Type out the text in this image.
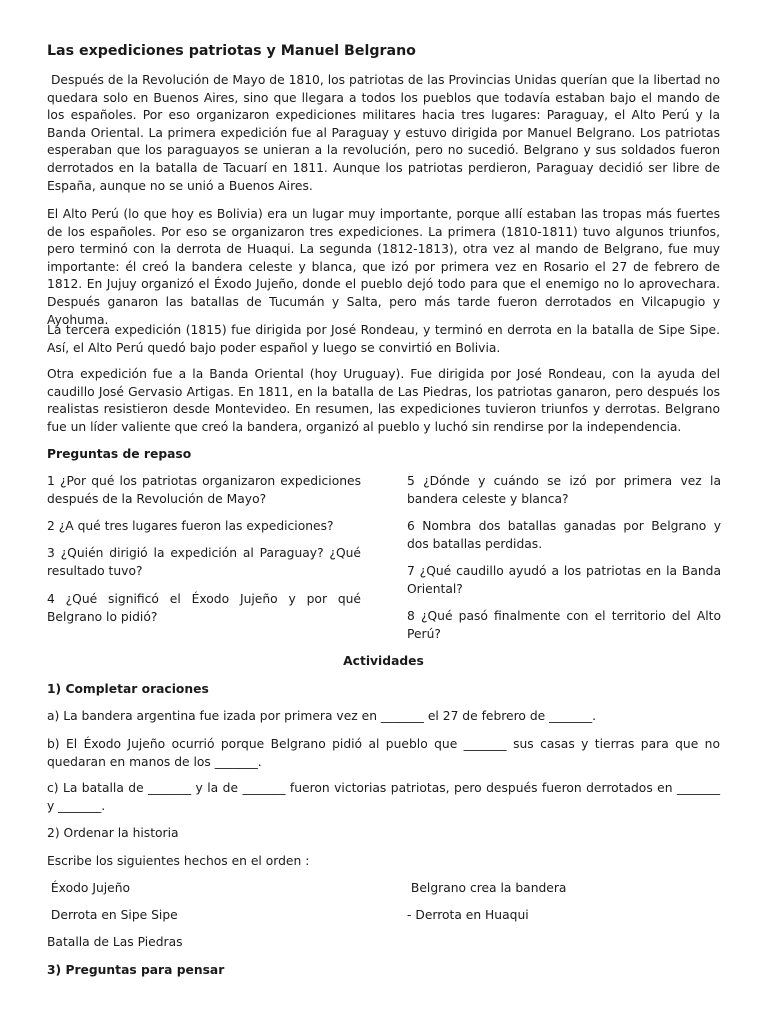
Las expediciones patriotas y Manuel Belgrano

Después de la Revolución de Mayo de 1810, los patriotas de las Provincias Unidas querían que la libertad no quedara solo en Buenos Aires, sino que llegara a todos los pueblos que todavía estaban bajo el mando de los españoles. Por eso organizaron expediciones militares hacia tres lugares: Paraguay, el Alto Perú y la Banda Oriental. La primera expedición fue al Paraguay y estuvo dirigida por Manuel Belgrano. Los patriotas esperaban que los paraguayos se unieran a la revolución, pero no sucedió. Belgrano y sus soldados fueron derrotados en la batalla de Tacuarí en 1811. Aunque los patriotas perdieron, Paraguay decidió ser libre de España, aunque no se unió a Buenos Aires.

El Alto Perú (lo que hoy es Bolivia) era un lugar muy importante, porque allí estaban las tropas más fuertes de los españoles. Por eso se organizaron tres expediciones. La primera (1810-1811) tuvo algunos triunfos, pero terminó con la derrota de Huaqui. La segunda (1812-1813), otra vez al mando de Belgrano, fue muy importante: él creó la bandera celeste y blanca, que izó por primera vez en Rosario el 27 de febrero de 1812. En Jujuy organizó el Éxodo Jujeño, donde el pueblo dejó todo para que el enemigo no lo aprovechara. Después ganaron las batallas de Tucumán y Salta, pero más tarde fueron derrotados en Vilcapugio y Ayohuma.

La tercera expedición (1815) fue dirigida por José Rondeau, y terminó en derrota en la batalla de Sipe Sipe. Así, el Alto Perú quedó bajo poder español y luego se convirtió en Bolivia.

Otra expedición fue a la Banda Oriental (hoy Uruguay). Fue dirigida por José Rondeau, con la ayuda del caudillo José Gervasio Artigas. En 1811, en la batalla de Las Piedras, los patriotas ganaron, pero después los realistas resistieron desde Montevideo. En resumen, las expediciones tuvieron triunfos y derrotas. Belgrano fue un líder valiente que creó la bandera, organizó al pueblo y luchó sin rendirse por la independencia.

Preguntas de repaso

1 ¿Por qué los patriotas organizaron expediciones después de la Revolución de Mayo?

2 ¿A qué tres lugares fueron las expediciones?

3 ¿Quién dirigió la expedición al Paraguay? ¿Qué resultado tuvo?

4 ¿Qué significó el Éxodo Jujeño y por qué Belgrano lo pidió?

5 ¿Dónde y cuándo se izó por primera vez la bandera celeste y blanca?

6 Nombra dos batallas ganadas por Belgrano y dos batallas perdidas.

7 ¿Qué caudillo ayudó a los patriotas en la Banda Oriental?

8 ¿Qué pasó finalmente con el territorio del Alto Perú?

Actividades

1) Completar oraciones

a) La bandera argentina fue izada por primera vez en _______ el 27 de febrero de _______.

b) El Éxodo Jujeño ocurrió porque Belgrano pidió al pueblo que _______ sus casas y tierras para que no quedaran en manos de los _______.

c) La batalla de _______ y la de _______ fueron victorias patriotas, pero después fueron derrotados en _______ y _______.

2) Ordenar la historia

Escribe los siguientes hechos en el orden :

Éxodo Jujeño	Belgrano crea la bandera

Derrota en Sipe Sipe	- Derrota en Huaqui

Batalla de Las Piedras

3) Preguntas para pensar
